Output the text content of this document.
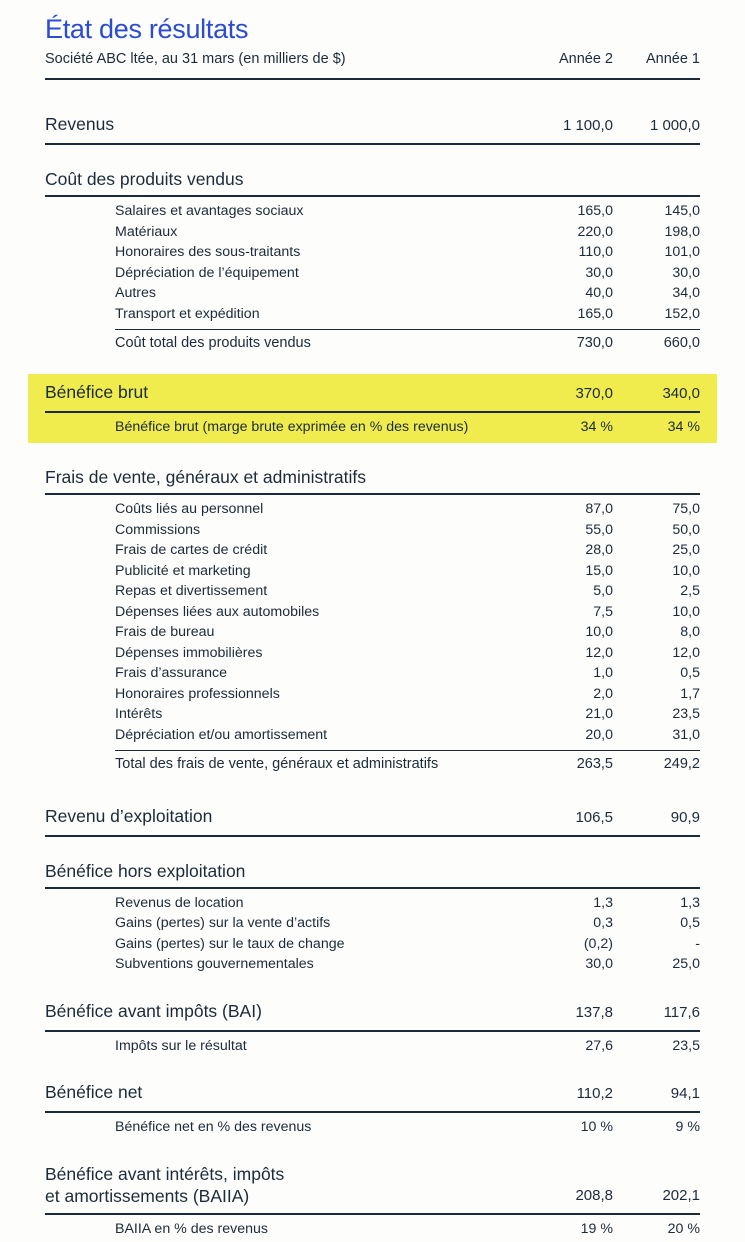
État des résultats
Société ABC ltée, au 31 mars (en milliers de $)	Année 2	Année 1
Revenus	1 100,0	1 000,0
Coût des produits vendus
Salaires et avantages sociaux	165,0	145,0
Matériaux	220,0	198,0
Honoraires des sous-traitants	110,0	101,0
Dépréciation de l’équipement	30,0	30,0
Autres	40,0	34,0
Transport et expédition	165,0	152,0
Coût total des produits vendus	730,0	660,0
Bénéfice brut	370,0	340,0
Bénéfice brut (marge brute exprimée en % des revenus)	34 %	34 %
Frais de vente, généraux et administratifs
Coûts liés au personnel	87,0	75,0
Commissions	55,0	50,0
Frais de cartes de crédit	28,0	25,0
Publicité et marketing	15,0	10,0
Repas et divertissement	5,0	2,5
Dépenses liées aux automobiles	7,5	10,0
Frais de bureau	10,0	8,0
Dépenses immobilières	12,0	12,0
Frais d’assurance	1,0	0,5
Honoraires professionnels	2,0	1,7
Intérêts	21,0	23,5
Dépréciation et/ou amortissement	20,0	31,0
Total des frais de vente, généraux et administratifs	263,5	249,2
Revenu d’exploitation	106,5	90,9
Bénéfice hors exploitation
Revenus de location	1,3	1,3
Gains (pertes) sur la vente d’actifs	0,3	0,5
Gains (pertes) sur le taux de change	(0,2)	-
Subventions gouvernementales	30,0	25,0
Bénéfice avant impôts (BAI)	137,8	117,6
Impôts sur le résultat	27,6	23,5
Bénéfice net	110,2	94,1
Bénéfice net en % des revenus	10 %	9 %
Bénéfice avant intérêts, impôts
et amortissements (BAIIA)	208,8	202,1
BAIIA en % des revenus	19 %	20 %
